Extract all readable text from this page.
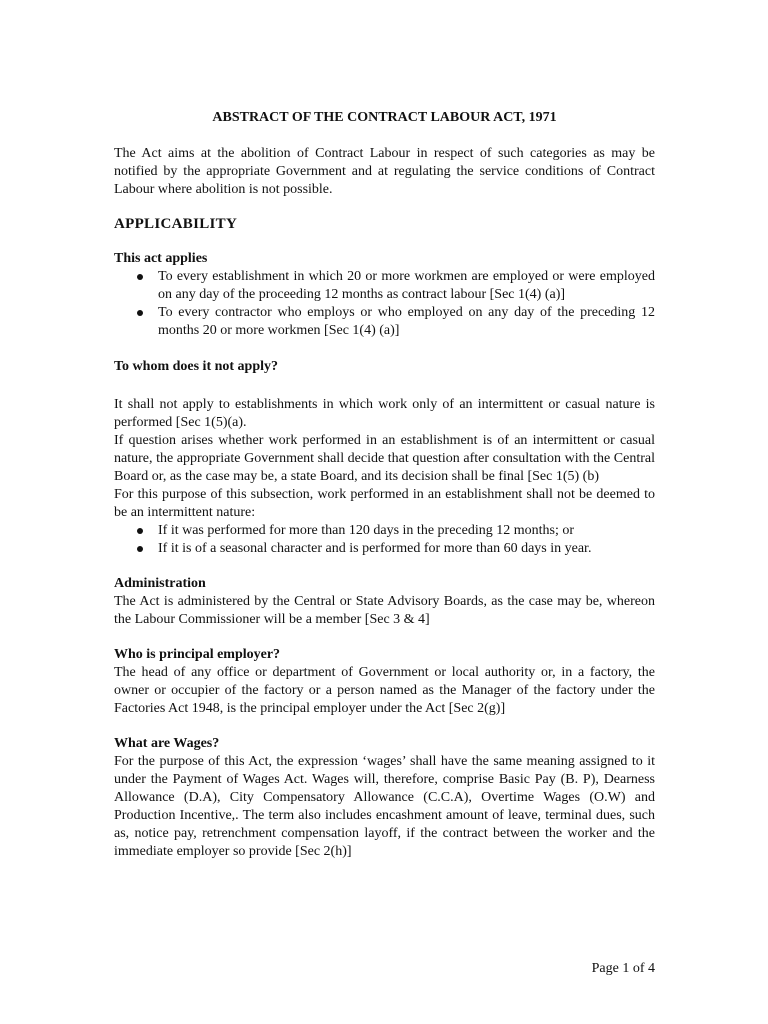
ABSTRACT OF THE CONTRACT LABOUR ACT, 1971

The Act aims at the abolition of Contract Labour in respect of such categories as may be notified by the appropriate Government and at regulating the service conditions of Contract Labour where abolition is not possible.

APPLICABILITY
This act applies
To every establishment in which 20 or more workmen are employed or were employed on any day of the proceeding 12 months as contract labour [Sec 1(4) (a)]
To every contractor who employs or who employed on any day of the preceding 12 months 20 or more workmen [Sec 1(4) (a)]
To whom does it not apply?

It shall not apply to establishments in which work only of an intermittent or casual nature is performed [Sec 1(5)(a).

If question arises whether work performed in an establishment is of an intermittent or casual nature, the appropriate Government shall decide that question after consultation with the Central Board or, as the case may be, a state Board, and its decision shall be final [Sec 1(5) (b)

For this purpose of this subsection, work performed in an establishment shall not be deemed to be an intermittent nature:

If it was performed for more than 120 days in the preceding 12 months; or
If it is of a seasonal character and is performed for more than 60 days in year.
Administration

The Act is administered by the Central or State Advisory Boards, as the case may be, whereon the Labour Commissioner will be a member [Sec 3 & 4]

Who is principal employer?

The head of any office or department of Government or local authority or, in a factory, the owner or occupier of the factory or a person named as the Manager of the factory under the Factories Act 1948, is the principal employer under the Act [Sec 2(g)]

What are Wages?

For the purpose of this Act, the expression ‘wages’ shall have the same meaning assigned to it under the Payment of Wages Act. Wages will, therefore, comprise Basic Pay (B. P), Dearness Allowance (D.A), City Compensatory Allowance (C.C.A), Overtime Wages (O.W) and Production Incentive,. The term also includes encashment amount of leave, terminal dues, such as, notice pay, retrenchment compensation layoff, if the contract between the worker and the immediate employer so provide [Sec 2(h)]

Page 1 of 4
